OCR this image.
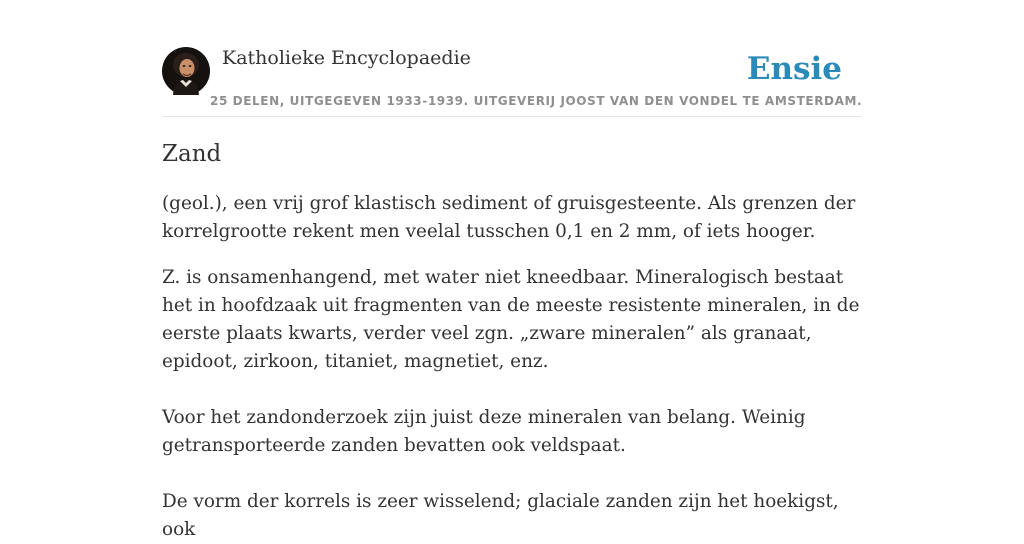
Katholieke Encyclopaedie
25 DELEN, UITGEGEVEN 1933-1939. UITGEVERIJ JOOST VAN DEN VONDEL TE AMSTERDAM.
Ensie
Zand

(geol.), een vrij grof klastisch sediment of gruisgesteente. Als grenzen der korrelgrootte rekent men veelal tusschen 0,1 en 2 mm, of iets hooger.

Z. is onsamenhangend, met water niet kneedbaar. Mineralogisch bestaat het in hoofdzaak uit fragmenten van de meeste resistente mineralen, in de eerste plaats kwarts, verder veel zgn. „zware mineralen” als granaat, epidoot, zirkoon, titaniet, magnetiet, enz.

Voor het zandonderzoek zijn juist deze mineralen van belang. Weinig getransporteerde zanden bevatten ook veldspaat.

De vorm der korrels is zeer wisselend; glaciale zanden zijn het hoekigst, ook
